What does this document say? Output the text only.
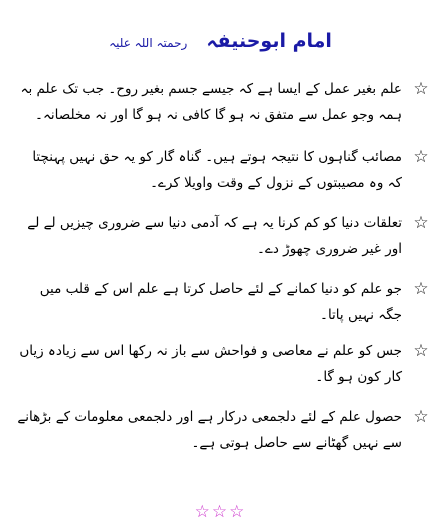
امام ابوحنیفہ رحمتہ اللہ علیہ
☆
علم بغیر عمل کے ایسا ہے کہ جیسے جسم بغیر روح۔ جب تک علم بہ ہمہ وجو عمل سے متفق نہ ہو گا کافی نہ ہو گا اور نہ مخلصانہ۔
☆
مصائب گناہوں کا نتیجہ ہوتے ہیں۔ گناہ گار کو یہ حق نہیں پہنچتا کہ وہ مصیبتوں کے نزول کے وقت واویلا کرے۔
☆
تعلقات دنیا کو کم کرنا یہ ہے کہ آدمی دنیا سے ضروری چیزیں لے لے اور غیر ضروری چھوڑ دے۔
☆
جو علم کو دنیا کمانے کے لئے حاصل کرتا ہے علم اس کے قلب میں جگہ نہیں پاتا۔
☆
جس کو علم نے معاصی و فواحش سے باز نہ رکھا اس سے زیادہ زیاں کار کون ہو گا۔
☆
حصول علم کے لئے دلجمعی درکار ہے اور دلجمعی معلومات کے بڑھانے سے نہیں گھٹانے سے حاصل ہوتی ہے۔
☆☆☆
